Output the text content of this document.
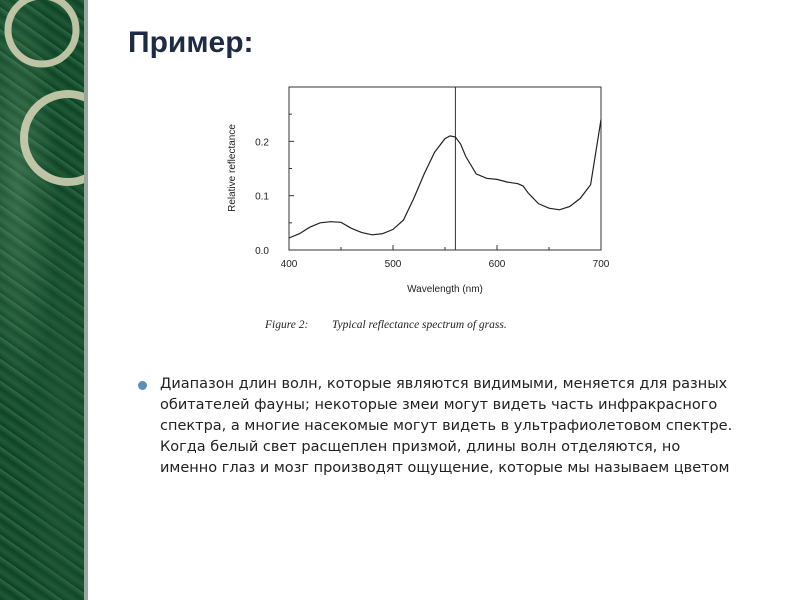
Пример:
400	500	600	700
0.0
0.1
0.2
Wavelength (nm)
Relative reflectance
Figure 2: Typical reflectance spectrum of grass.
Диапазон длин волн, которые являются видимыми, меняется для разных обитателей фауны; некоторые змеи могут видеть часть инфракрасного спектра, а многие насекомые могут видеть в ультрафиолетовом спектре. Когда белый свет расщеплен призмой, длины волн отделяются, но именно глаз и мозг производят ощущение, которые мы называем цветом
